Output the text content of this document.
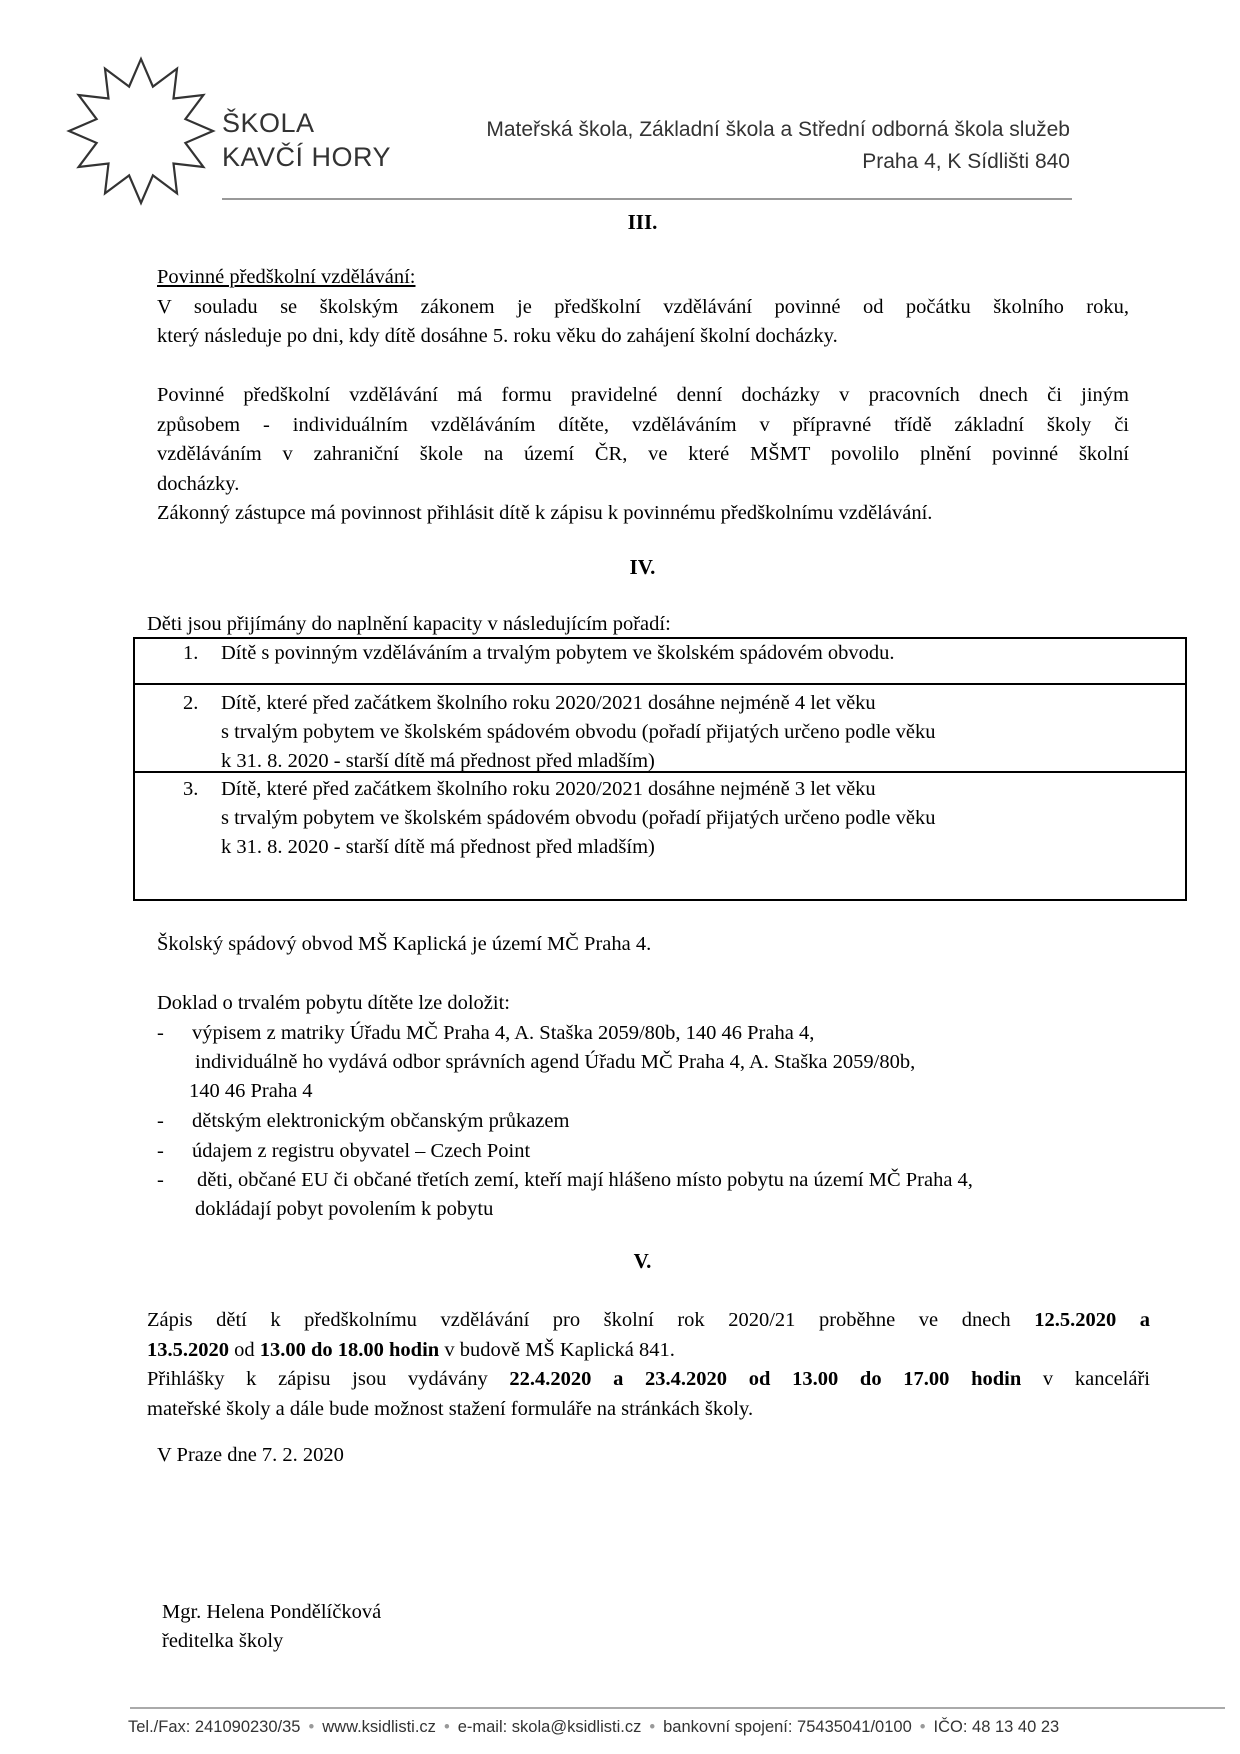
ŠKOLA
KAVČÍ HORY
Mateřská škola, Základní škola a Střední odborná škola služeb
Praha 4, K Sídlišti 840
III.
Povinné předškolní vzdělávání:
V souladu se školským zákonem je předškolní vzdělávání povinné od počátku školního roku,
který následuje po dni, kdy dítě dosáhne 5. roku věku do zahájení školní docházky.
Povinné předškolní vzdělávání má formu pravidelné denní docházky v pracovních dnech či jiným
způsobem - individuálním vzděláváním dítěte, vzděláváním v přípravné třídě základní školy či
vzděláváním v zahraniční škole na území ČR, ve které MŠMT povolilo plnění povinné školní
docházky.
Zákonný zástupce má povinnost přihlásit dítě k zápisu k povinnému předškolnímu vzdělávání.
IV.
Děti jsou přijímány do naplnění kapacity v následujícím pořadí:
1. Dítě s povinným vzděláváním a trvalým pobytem ve školském spádovém obvodu.
2. Dítě, které před začátkem školního roku 2020/2021 dosáhne nejméně 4 let věku
s trvalým pobytem ve školském spádovém obvodu (pořadí přijatých určeno podle věku
k 31. 8. 2020 - starší dítě má přednost před mladším)
3. Dítě, které před začátkem školního roku 2020/2021 dosáhne nejméně 3 let věku
s trvalým pobytem ve školském spádovém obvodu (pořadí přijatých určeno podle věku
k 31. 8. 2020 - starší dítě má přednost před mladším)
Školský spádový obvod MŠ Kaplická je území MČ Praha 4.
Doklad o trvalém pobytu dítěte lze doložit:
- výpisem z matriky Úřadu MČ Praha 4, A. Staška 2059/80b, 140 46 Praha 4,
individuálně ho vydává odbor správních agend Úřadu MČ Praha 4, A. Staška 2059/80b,
140 46 Praha 4
- dětským elektronickým občanským průkazem
- údajem z registru obyvatel – Czech Point
- děti, občané EU či občané třetích zemí, kteří mají hlášeno místo pobytu na území MČ Praha 4,
dokládají pobyt povolením k pobytu
V.
Zápis dětí k předškolnímu vzdělávání pro školní rok 2020/21 proběhne ve dnech 12.5.2020 a
13.5.2020 od 13.00 do 18.00 hodin v budově MŠ Kaplická 841.
Přihlášky k zápisu jsou vydávány 22.4.2020 a 23.4.2020 od 13.00 do 17.00 hodin v kanceláři
mateřské školy a dále bude možnost stažení formuláře na stránkách školy.
V Praze dne 7. 2. 2020
Mgr. Helena Pondělíčková
ředitelka školy
Tel./Fax: 241090230/35 • www.ksidlisti.cz • e-mail: skola@ksidlisti.cz • bankovní spojení: 75435041/0100 • IČO: 48 13 40 23
